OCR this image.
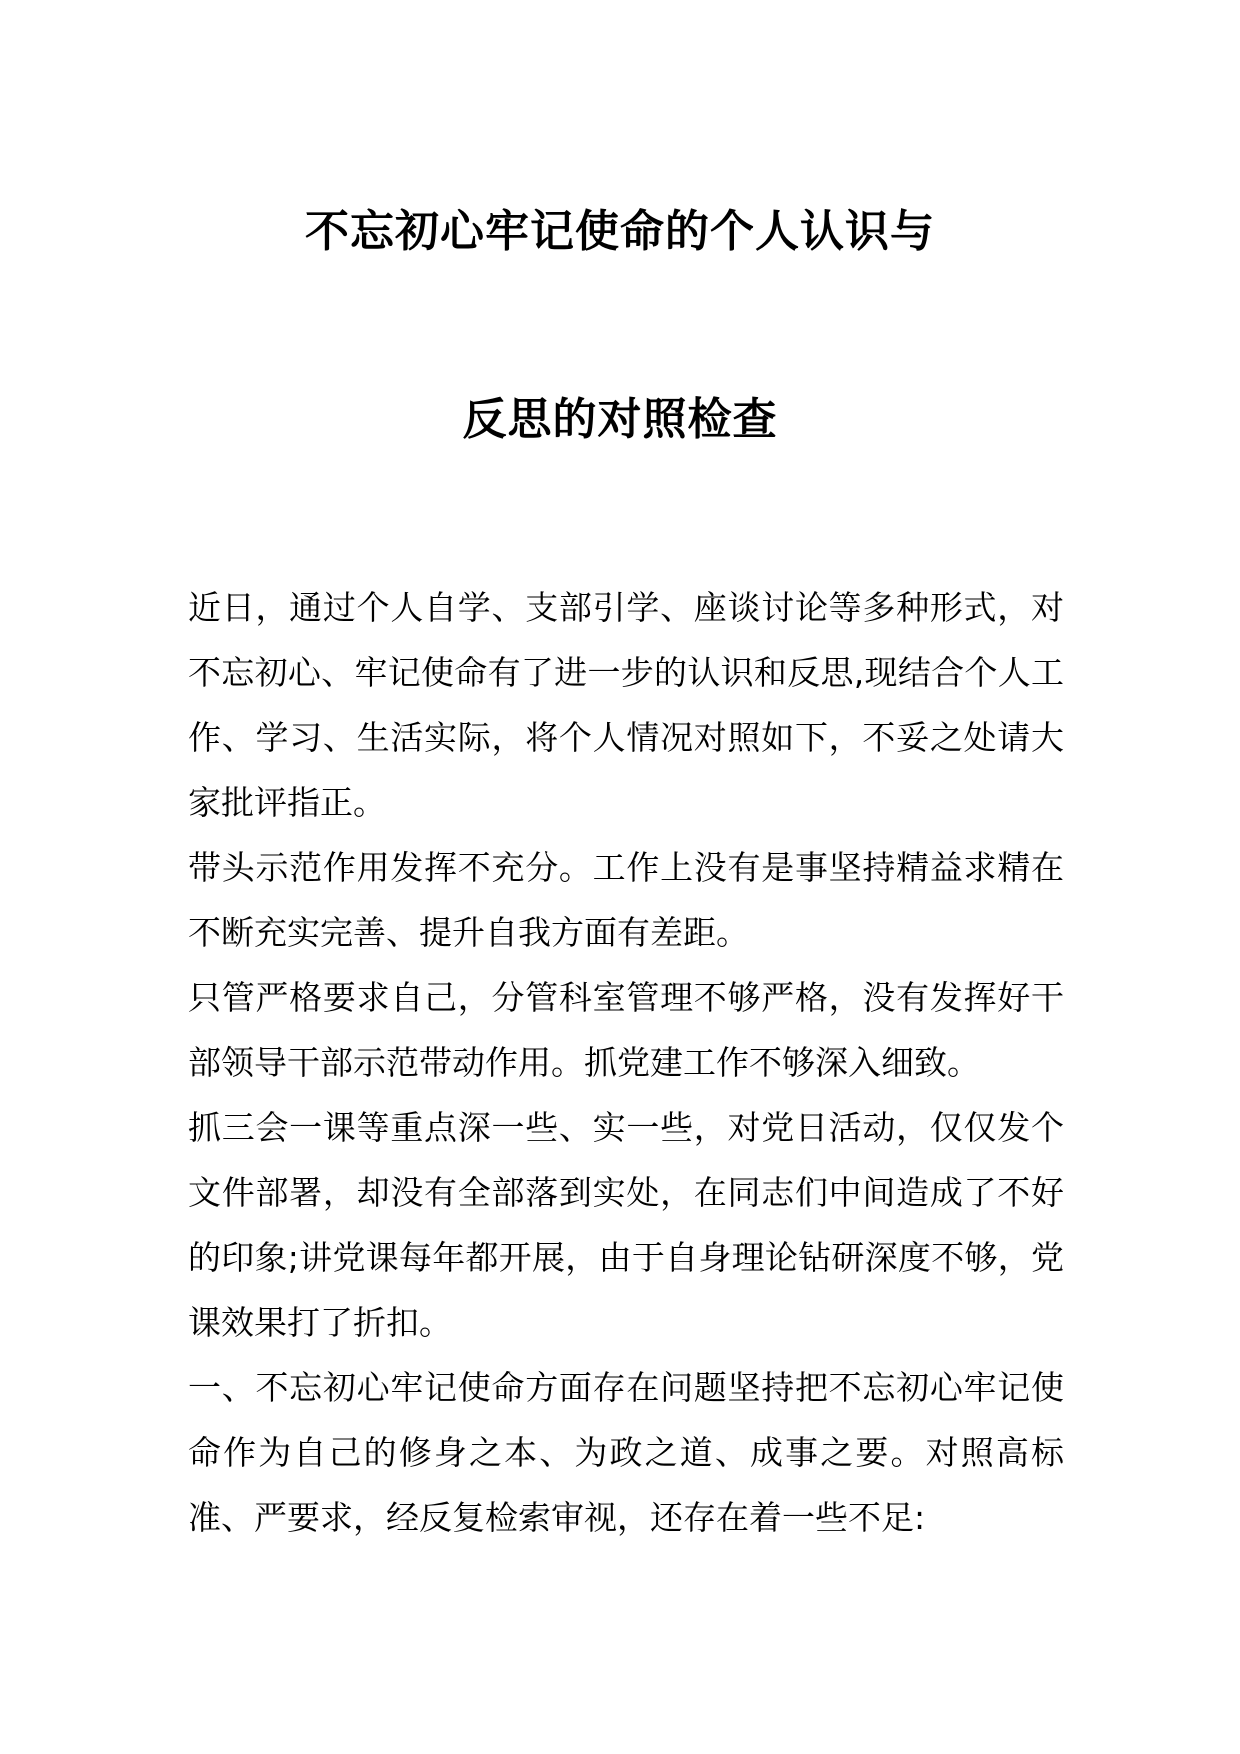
不忘初心牢记使命的个人认识与
反思的对照检查

近日，通过个人自学、支部引学、座谈讨论等多种形式，对不忘初心、牢记使命有了进一步的认识和反思,现结合个人工作、学习、生活实际，将个人情况对照如下，不妥之处请大家批评指正。

带头示范作用发挥不充分。工作上没有是事坚持精益求精在不断充实完善、提升自我方面有差距。

只管严格要求自己，分管科室管理不够严格，没有发挥好干部领导干部示范带动作用。抓党建工作不够深入细致。

抓三会一课等重点深一些、实一些，对党日活动，仅仅发个文件部署，却没有全部落到实处，在同志们中间造成了不好的印象;讲党课每年都开展，由于自身理论钻研深度不够，党课效果打了折扣。

一、不忘初心牢记使命方面存在问题坚持把不忘初心牢记使命作为自己的修身之本、为政之道、成事之要。对照高标准、严要求，经反复检索审视，还存在着一些不足:
